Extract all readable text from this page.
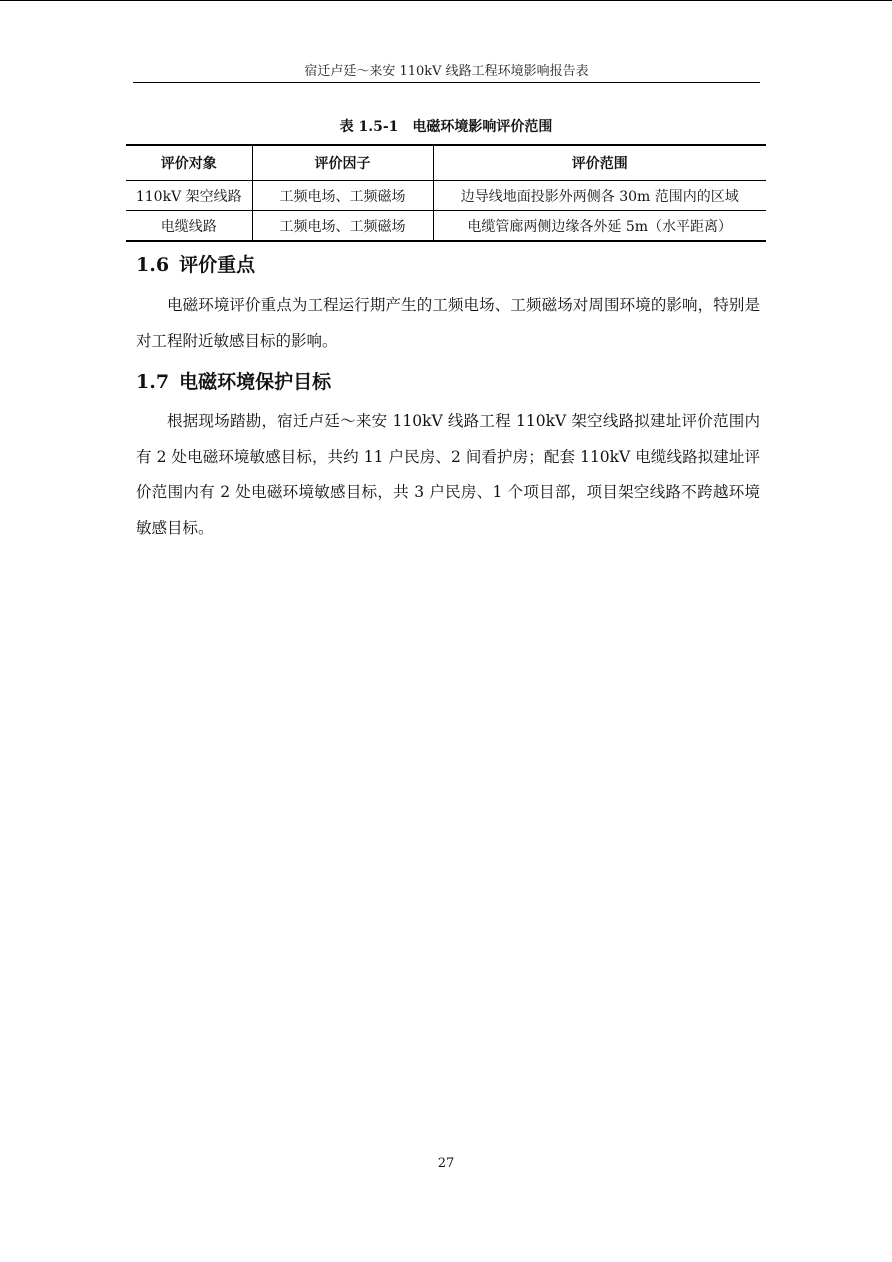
宿迁卢廷～来安 110kV 线路工程环境影响报告表
表 1.5-1　电磁环境影响评价范围
评价对象	评价因子	评价范围
110kV 架空线路	工频电场、工频磁场	边导线地面投影外两侧各 30m 范围内的区域
电缆线路	工频电场、工频磁场	电缆管廊两侧边缘各外延 5m（水平距离）
1.6 评价重点

电磁环境评价重点为工程运行期产生的工频电场、工频磁场对周围环境的影响，特别是对工程附近敏感目标的影响。

1.7 电磁环境保护目标

根据现场踏勘，宿迁卢廷～来安 110kV 线路工程 110kV 架空线路拟建址评价范围内有 2 处电磁环境敏感目标，共约 11 户民房、2 间看护房；配套 110kV 电缆线路拟建址评价范围内有 2 处电磁环境敏感目标，共 3 户民房、1 个项目部，项目架空线路不跨越环境敏感目标。

27
